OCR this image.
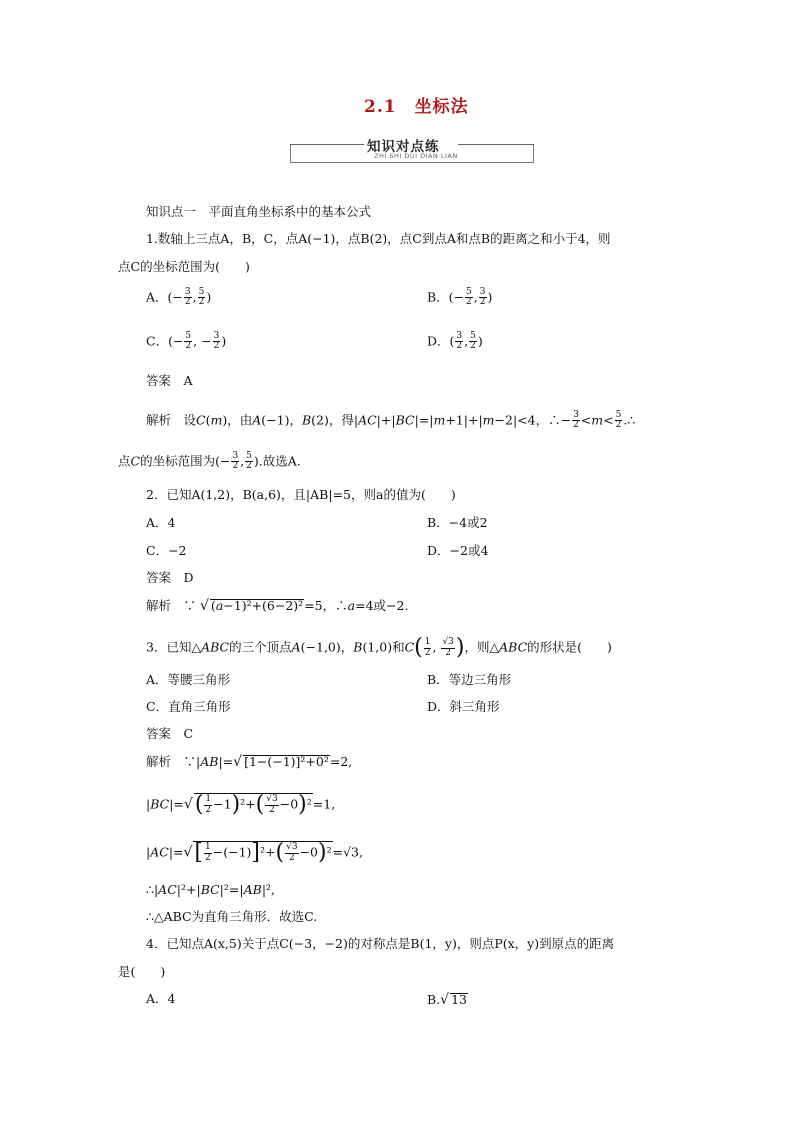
2.1　坐标法
知识对点练
ZHI SHI DUI DIAN LIAN
知识点一　平面直角坐标系中的基本公式
1.数轴上三点A，B，C，点A(−1)，点B(2)，点C到点A和点B的距离之和小于4，则
点C的坐标范围为(　　)
A．(− $\frac{3}{2}$ , $\frac{5}{2}$ )	B．(− $\frac{5}{2}$ , $\frac{3}{2}$ )
C．(− $\frac{5}{2}$ , − $\frac{3}{2}$ )	D．( $\frac{3}{2}$ , $\frac{5}{2}$ )
答案　 A
解析　设C(m)，由A(−1)，B(2)，得|AC|+|BC|=|m+1|+|m−2|<4，∴− $\frac{3}{2} <m< \frac{5}{2}$ .∴
点C的坐标范围为(− $\frac{3}{2}$ , $\frac{5}{2}$ ).故选A.
2．已知A(1,2)，B(a,6)，且|AB|=5，则a的值为(　　)
A．4	B．−4或2
C．−2	D．−2或4
答案　 D
解析　∵ √ (a−1)²+(6−2)²=5，∴a=4或−2.
3．已知△ABC的三个顶点A(−1,0)，B(1,0)和$C( \frac{1}{2}$ , $\frac{√3}{2}$ )，则△ABC的形状是(　　)
A．等腰三角形	B．等边三角形
C．直角三角形	D．斜三角形
答案　 C
解析　∵|AB|=√ [1−(−1)]²+0²=2,
$|BC|=√( \frac{1}{2} -1)^2+( \frac{√3}{2} -0)^2=1$,
$|AC|=√[ \frac{1}{2} -(-1)]^2+( \frac{√3}{2} -0)^2=√3$,
∴|AC|²+|BC|²=|AB|²,
∴△ABC为直角三角形．故选C.
4．已知点A(x,5)关于点C(−3，−2)的对称点是B(1，y)，则点P(x，y)到原点的距离
是(　　)
A．4	B.√ 13
